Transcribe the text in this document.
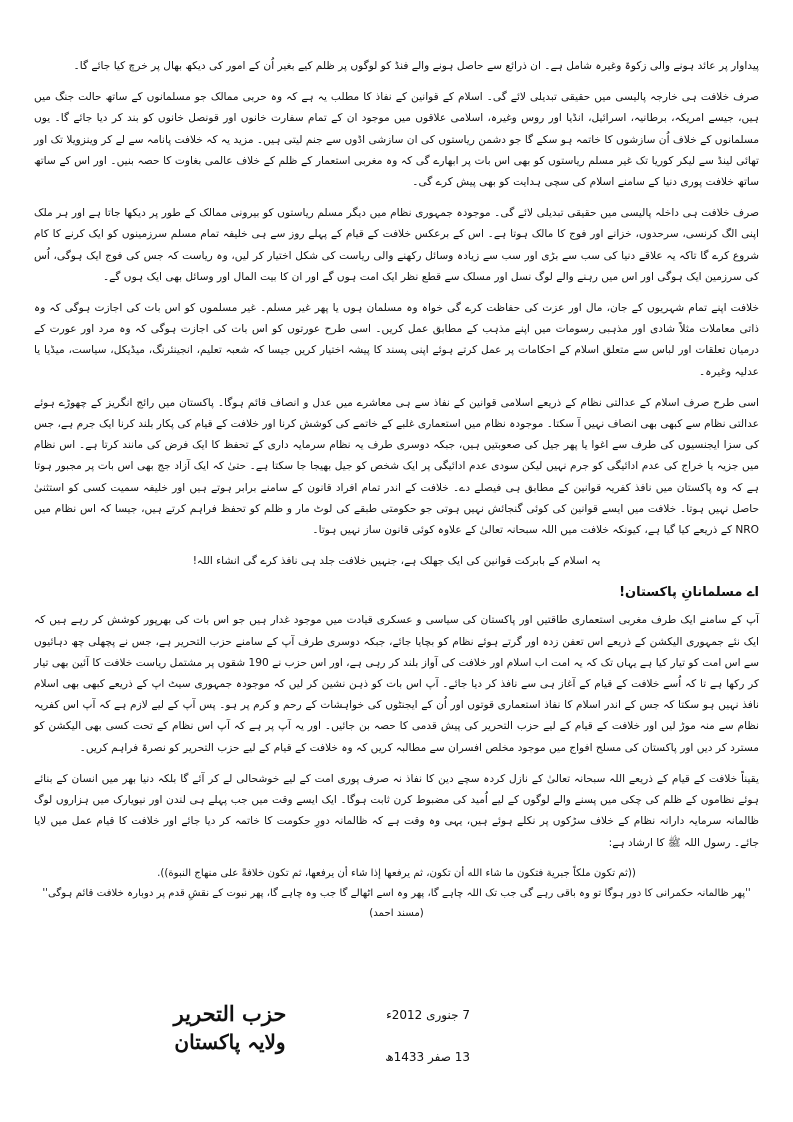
پیداوار پر عائد ہونے والی زکوۃ وغیرہ شامل ہے۔ ان ذرائع سے حاصل ہونے والے فنڈ کو لوگوں پر ظلم کیے بغیر اُن کے امور کی دیکھ بھال پر خرچ کیا جائے گا۔

صرف خلافت ہی خارجہ پالیسی میں حقیقی تبدیلی لائے گی۔ اسلام کے قوانین کے نفاذ کا مطلب یہ ہے کہ وہ حربی ممالک جو مسلمانوں کے ساتھ حالت جنگ میں ہیں، جیسے امریکہ، برطانیہ، اسرائیل، انڈیا اور روس وغیرہ، اسلامی علاقوں میں موجود ان کے تمام سفارت خانوں اور قونصل خانوں کو بند کر دیا جائے گا۔ یوں مسلمانوں کے خلاف اُن سازشوں کا خاتمہ ہو سکے گا جو دشمن ریاستوں کی ان سازشی اڈوں سے جنم لیتی ہیں۔ مزید یہ کہ خلافت پانامہ سے لے کر وینزویلا تک اور تھائی لینڈ سے لیکر کوریا تک غیر مسلم ریاستوں کو بھی اس بات پر ابھارے گی کہ وہ مغربی استعمار کے ظلم کے خلاف عالمی بغاوت کا حصہ بنیں۔ اور اس کے ساتھ ساتھ خلافت پوری دنیا کے سامنے اسلام کی سچی ہدایت کو بھی پیش کرے گی۔

صرف خلافت ہی داخلہ پالیسی میں حقیقی تبدیلی لائے گی۔ موجودہ جمہوری نظام میں دیگر مسلم ریاستوں کو بیرونی ممالک کے طور پر دیکھا جاتا ہے اور ہر ملک اپنی الگ کرنسی، سرحدوں، خزانے اور فوج کا مالک ہوتا ہے۔ اس کے برعکس خلافت کے قیام کے پہلے روز سے ہی خلیفہ تمام مسلم سرزمینوں کو ایک کرنے کا کام شروع کرے گا تاکہ یہ علاقے دنیا کی سب سے بڑی اور سب سے زیادہ وسائل رکھنے والی ریاست کی شکل اختیار کر لیں، وہ ریاست کہ جس کی فوج ایک ہوگی، اُس کی سرزمین ایک ہوگی اور اس میں رہنے والے لوگ نسل اور مسلک سے قطع نظر ایک امت ہوں گے اور ان کا بیت المال اور وسائل بھی ایک ہوں گے۔

خلافت اپنے تمام شہریوں کے جان، مال اور عزت کی حفاظت کرے گی خواہ وہ مسلمان ہوں یا پھر غیر مسلم۔ غیر مسلموں کو اس بات کی اجازت ہوگی کہ وہ ذاتی معاملات مثلاً شادی اور مذہبی رسومات میں اپنے مذہب کے مطابق عمل کریں۔ اسی طرح عورتوں کو اس بات کی اجازت ہوگی کہ وہ مرد اور عورت کے درمیان تعلقات اور لباس سے متعلق اسلام کے احکامات پر عمل کرتے ہوئے اپنی پسند کا پیشہ اختیار کریں جیسا کہ شعبہ تعلیم، انجینئرنگ، میڈیکل، سیاست، میڈیا یا عدلیہ وغیرہ۔

اسی طرح صرف اسلام کے عدالتی نظام کے ذریعے اسلامی قوانین کے نفاذ سے ہی معاشرے میں عدل و انصاف قائم ہوگا۔ پاکستان میں رائج انگریز کے چھوڑے ہوئے عدالتی نظام سے کبھی بھی انصاف نہیں آ سکتا۔ موجودہ نظام میں استعماری غلبے کے خاتمے کی کوشش کرنا اور خلافت کے قیام کی پکار بلند کرنا ایک جرم ہے، جس کی سزا ایجنسیوں کی طرف سے اغوا یا پھر جیل کی صعوبتیں ہیں، جبکہ دوسری طرف یہ نظام سرمایہ داری کے تحفظ کا ایک فرض کی مانند کرتا ہے۔ اس نظام میں جزیہ یا خراج کی عدم ادائیگی کو جرم نہیں لیکن سودی عدم ادائیگی پر ایک شخص کو جیل بھیجا جا سکتا ہے۔ حتیٰ کہ ایک آزاد جج بھی اس بات پر مجبور ہوتا ہے کہ وہ پاکستان میں نافذ کفریہ قوانین کے مطابق ہی فیصلے دے۔ خلافت کے اندر تمام افراد قانون کے سامنے برابر ہوتے ہیں اور خلیفہ سمیت کسی کو استثنیٰ حاصل نہیں ہوتا۔ خلافت میں ایسے قوانین کی کوئی گنجائش نہیں ہوتی جو حکومتی طبقے کی لوٹ مار و ظلم کو تحفظ فراہم کرتے ہیں، جیسا کہ اس نظام میں NRO کے ذریعے کیا گیا ہے، کیونکہ خلافت میں اللہ سبحانہ تعالیٰ کے علاوہ کوئی قانون ساز نہیں ہوتا۔

یہ اسلام کے بابرکت قوانین کی ایک جھلک ہے، جنہیں خلافت جلد ہی نافذ کرے گی انشاء اللہ!

اے مسلمانانِ پاکستان!

آپ کے سامنے ایک طرف مغربی استعماری طاقتیں اور پاکستان کی سیاسی و عسکری قیادت میں موجود غدار ہیں جو اس بات کی بھرپور کوشش کر رہے ہیں کہ ایک نئے جمہوری الیکشن کے ذریعے اس تعفن زدہ اور گرتے ہوئے نظام کو بچایا جائے، جبکہ دوسری طرف آپ کے سامنے حزب التحریر ہے، جس نے پچھلی چھ دہائیوں سے اس امت کو تیار کیا ہے یہاں تک کہ یہ امت اب اسلام اور خلافت کی آواز بلند کر رہی ہے، اور اس حزب نے 190 شقوں پر مشتمل ریاست خلافت کا آئین بھی تیار کر رکھا ہے تا کہ اُسے خلافت کے قیام کے آغاز ہی سے نافذ کر دیا جائے۔ آپ اس بات کو ذہن نشین کر لیں کہ موجودہ جمہوری سیٹ اپ کے ذریعے کبھی بھی اسلام نافذ نہیں ہو سکتا کہ جس کے اندر اسلام کا نفاذ استعماری قوتوں اور اُن کے ایجنٹوں کی خواہشات کے رحم و کرم پر ہو۔ پس آپ کے لیے لازم ہے کہ آپ اس کفریہ نظام سے منہ موڑ لیں اور خلافت کے قیام کے لیے حزب التحریر کی پیش قدمی کا حصہ بن جائیں۔ اور یہ آپ پر ہے کہ آپ اس نظام کے تحت کسی بھی الیکشن کو مسترد کر دیں اور پاکستان کی مسلح افواج میں موجود مخلص افسران سے مطالبہ کریں کہ وہ خلافت کے قیام کے لیے حزب التحریر کو نصرۃ فراہم کریں۔

یقیناً خلافت کے قیام کے ذریعے اللہ سبحانہ تعالیٰ کے نازل کردہ سچے دین کا نفاذ نہ صرف پوری امت کے لیے خوشحالی لے کر آئے گا بلکہ دنیا بھر میں انسان کے بنائے ہوئے نظاموں کے ظلم کی چکی میں پسنے والے لوگوں کے لیے اُمید کی مضبوط کرن ثابت ہوگا۔ ایک ایسے وقت میں جب پہلے ہی لندن اور نیویارک میں ہزاروں لوگ ظالمانہ سرمایہ دارانہ نظام کے خلاف سڑکوں پر نکلے ہوئے ہیں، یہی وہ وقت ہے کہ ظالمانہ دورِ حکومت کا خاتمہ کر دیا جائے اور خلافت کا قیام عمل میں لایا جائے۔ رسول اللہ ﷺ کا ارشاد ہے:

((ثم تكون ملكاً جبرية فتكون ما شاء الله أن تكون، ثم يرفعها إذا شاء أن يرفعها، ثم تكون خلافةً على منهاج النبوة)).

''پھر ظالمانہ حکمرانی کا دور ہوگا تو وہ باقی رہے گی جب تک اللہ چاہے گا، پھر وہ اسے اٹھالے گا جب وہ چاہے گا، پھر نبوت کے نقشِ قدم پر دوبارہ خلافت قائم ہوگی'' (مسند احمد)

حزب التحریر
ولایہ پاکستان
7 جنوری 2012ء
13 صفر 1433ھ
